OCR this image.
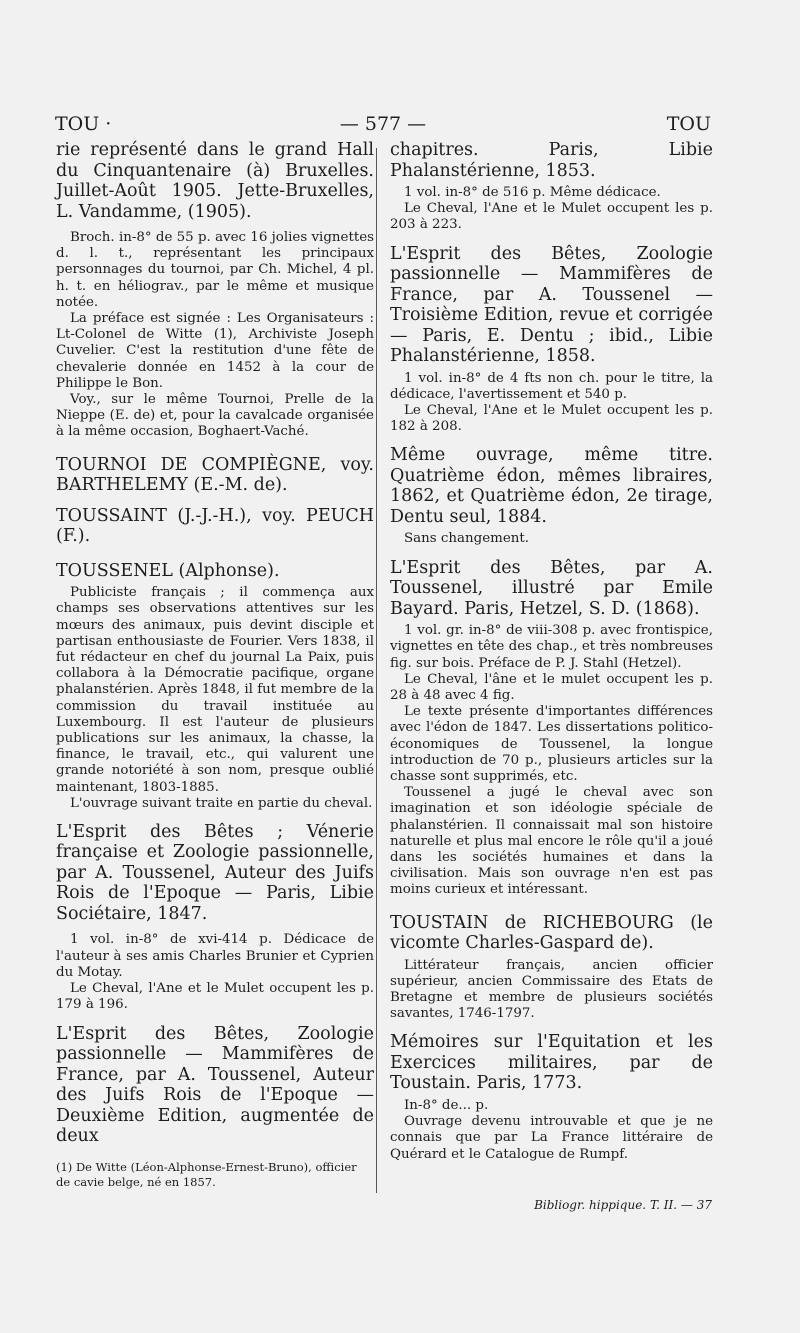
TOU ·	— 577 —	TOU

rie représenté dans le grand Hall du Cinquantenaire (à) Bruxelles. Juillet-Août 1905. Jette-Bruxelles, L. Vandamme, (1905).

Broch. in-8° de 55 p. avec 16 jolies vignettes d. l. t., représentant les principaux personnages du tournoi, par Ch. Michel, 4 pl. h. t. en héliograv., par le même et musique notée.

La préface est signée : Les Organisateurs : Lt-Colonel de Witte (1), Archiviste Joseph Cuvelier. C'est la restitution d'une fête de chevalerie donnée en 1452 à la cour de Philippe le Bon.

Voy., sur le même Tournoi, Prelle de la Nieppe (E. de) et, pour la cavalcade organisée à la même occasion, Boghaert-Vaché.

TOURNOI DE COMPIÈGNE, voy. BARTHELEMY (E.-M. de).

TOUSSAINT (J.-J.-H.), voy. PEUCH (F.).

TOUSSENEL (Alphonse).

Publiciste français ; il commença aux champs ses observations attentives sur les mœurs des animaux, puis devint disciple et partisan enthousiaste de Fourier. Vers 1838, il fut rédacteur en chef du journal La Paix, puis collabora à la Démocratie pacifique, organe phalanstérien. Après 1848, il fut membre de la commission du travail instituée au Luxembourg. Il est l'auteur de plusieurs publications sur les animaux, la chasse, la finance, le travail, etc., qui valurent une grande notoriété à son nom, presque oublié maintenant, 1803-1885.

L'ouvrage suivant traite en partie du cheval.

L'Esprit des Bêtes ; Vénerie française et Zoologie passionnelle, par A. Toussenel, Auteur des Juifs Rois de l'Epoque — Paris, Libie Sociétaire, 1847.

1 vol. in-8° de xvi-414 p. Dédicace de l'auteur à ses amis Charles Brunier et Cyprien du Motay.

Le Cheval, l'Ane et le Mulet occupent les p. 179 à 196.

L'Esprit des Bêtes, Zoologie passionnelle — Mammifères de France, par A. Toussenel, Auteur des Juifs Rois de l'Epoque — Deuxième Edition, augmentée de deux

(1) De Witte (Léon-Alphonse-Ernest-Bruno), officier de cavie belge, né en 1857.

chapitres. Paris, Libie Phalanstérienne, 1853.

1 vol. in-8° de 516 p. Même dédicace.

Le Cheval, l'Ane et le Mulet occupent les p. 203 à 223.

L'Esprit des Bêtes, Zoologie passionnelle — Mammifères de France, par A. Toussenel — Troisième Edition, revue et corrigée — Paris, E. Dentu ; ibid., Libie Phalanstérienne, 1858.

1 vol. in-8° de 4 fts non ch. pour le titre, la dédicace, l'avertissement et 540 p.

Le Cheval, l'Ane et le Mulet occupent les p. 182 à 208.

Même ouvrage, même titre. Quatrième édon, mêmes libraires, 1862, et Quatrième édon, 2e tirage, Dentu seul, 1884.

Sans changement.

L'Esprit des Bêtes, par A. Toussenel, illustré par Emile Bayard. Paris, Hetzel, S. D. (1868).

1 vol. gr. in-8° de viii-308 p. avec frontispice, vignettes en tête des chap., et très nombreuses fig. sur bois. Préface de P. J. Stahl (Hetzel).

Le Cheval, l'âne et le mulet occupent les p. 28 à 48 avec 4 fig.

Le texte présente d'importantes différences avec l'édon de 1847. Les dissertations politico-économiques de Toussenel, la longue introduction de 70 p., plusieurs articles sur la chasse sont supprimés, etc.

Toussenel a jugé le cheval avec son imagination et son idéologie spéciale de phalanstérien. Il connaissait mal son histoire naturelle et plus mal encore le rôle qu'il a joué dans les sociétés humaines et dans la civilisation. Mais son ouvrage n'en est pas moins curieux et intéressant.

TOUSTAIN de RICHEBOURG (le vicomte Charles-Gaspard de).

Littérateur français, ancien officier supérieur, ancien Commissaire des Etats de Bretagne et membre de plusieurs sociétés savantes, 1746-1797.

Mémoires sur l'Equitation et les Exercices militaires, par de Toustain. Paris, 1773.

In-8° de... p.

Ouvrage devenu introuvable et que je ne connais que par La France littéraire de Quérard et le Catalogue de Rumpf.

Bibliogr. hippique. T. II. — 37
